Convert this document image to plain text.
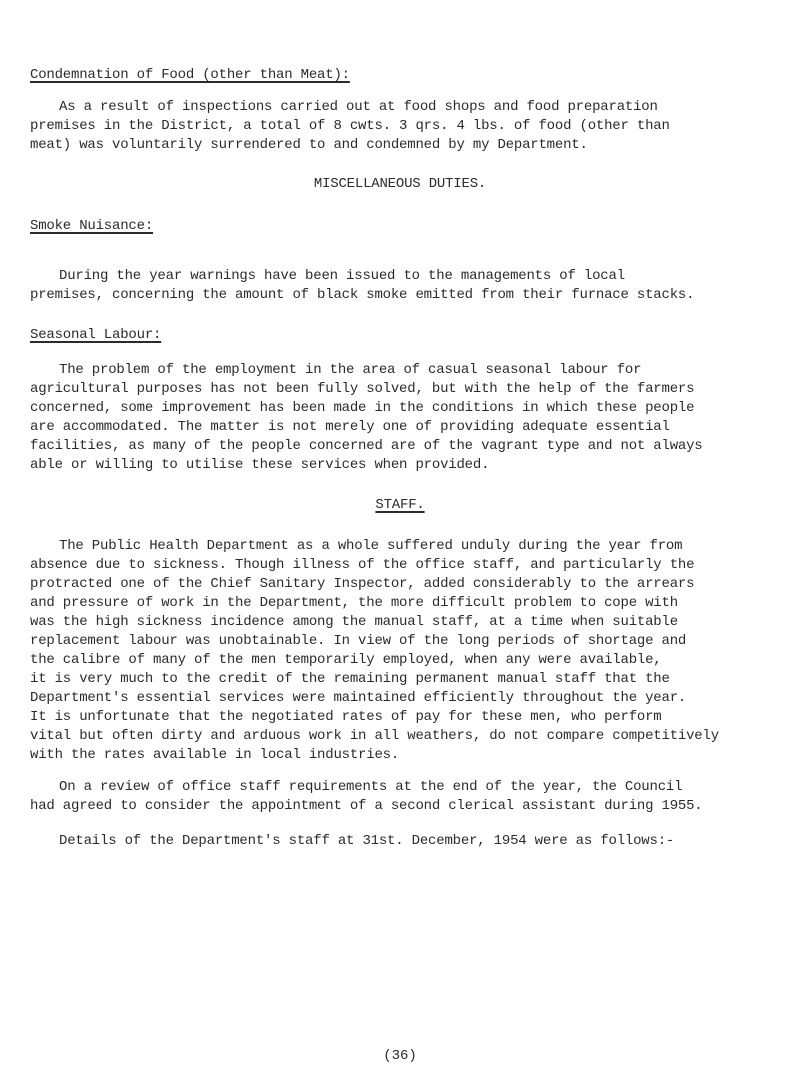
Condemnation of Food (other than Meat):
As a result of inspections carried out at food shops and food preparation
premises in the District, a total of 8 cwts. 3 qrs. 4 lbs. of food (other than
meat) was voluntarily surrendered to and condemned by my Department.
MISCELLANEOUS DUTIES.
Smoke Nuisance:
During the year warnings have been issued to the managements of local
premises, concerning the amount of black smoke emitted from their furnace stacks.
Seasonal Labour:
The problem of the employment in the area of casual seasonal labour for
agricultural purposes has not been fully solved, but with the help of the farmers
concerned, some improvement has been made in the conditions in which these people
are accommodated. The matter is not merely one of providing adequate essential
facilities, as many of the people concerned are of the vagrant type and not always
able or willing to utilise these services when provided.
STAFF.
The Public Health Department as a whole suffered unduly during the year from
absence due to sickness. Though illness of the office staff, and particularly the
protracted one of the Chief Sanitary Inspector, added considerably to the arrears
and pressure of work in the Department, the more difficult problem to cope with
was the high sickness incidence among the manual staff, at a time when suitable
replacement labour was unobtainable. In view of the long periods of shortage and
the calibre of many of the men temporarily employed, when any were available,
it is very much to the credit of the remaining permanent manual staff that the
Department's essential services were maintained efficiently throughout the year.
It is unfortunate that the negotiated rates of pay for these men, who perform
vital but often dirty and arduous work in all weathers, do not compare competitively
with the rates available in local industries.
On a review of office staff requirements at the end of the year, the Council
had agreed to consider the appointment of a second clerical assistant during 1955.
Details of the Department's staff at 31st. December, 1954 were as follows:-
(36)
